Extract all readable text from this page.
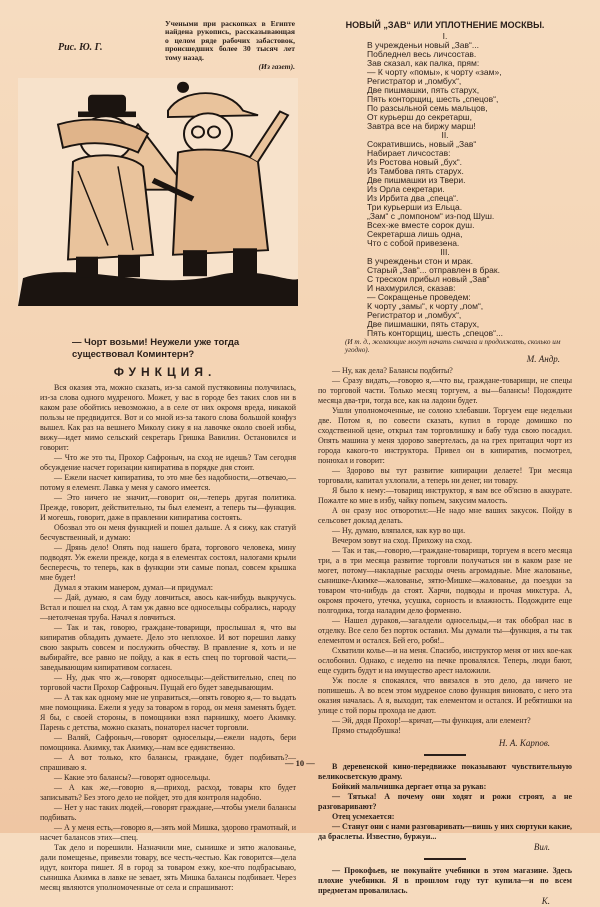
Рис. Ю. Г.
Учеными при раскопках в Египте найдена рукопись, рассказывающая о целом ряде рабочих забастовок, происшедших более 30 тысяч лет тому назад.
(Из газет).
— Чорт возьми! Неужели уже тогда существовал Коминтерн?
НОВЫЙ „ЗАВ“ ИЛИ УПЛОТНЕНИЕ МОСКВЫ.
I.
В учрежденьи новый „Зав“...
Побледнел весь личсостав.
Зав сказал, как палка, прям:
— К чорту «помы», к чорту «зам»,
Регистратор и „помбух“,
Две пишмашки, пять старух,
Пять конторщиц, шесть „спецов“,
По разсыльной семь мальцов,
От курьерш до секретарш,
Завтра все на биржу марш!
II.
Сократившись, новый „Зав“
Набирает личсостав:
Из Ростова новый „бух“.
Из Тамбова пять старух.
Две пишмашки из Твери.
Из Орла секретари.
Из Ирбита два „спеца“.
Три курьерши из Ельца.
„Зам“ с „помпоном“ из-под Шуш.
Всех-же вместе сорок душ.
Секретарша лишь одна,
Что с собой привезена.
III.
В учрежденьи стон и мрак.
Старый „Зав“... отправлен в брак.
С треском прибыл новый „Зав“
И нахмурился, сказав:
— Сокращенье проведем:
К чорту „замы“, к чорту „пом“,
Регистратор и „помбух“,
Две пишмашки, пять старух,
Пять конторщиц, шесть „спецов“...
(И т. д., желающие могут начать сначала и продолжать, сколько им угодно).
М. Андр.
ФУНКЦИЯ.

Вся оказия эта, можно сказать, из-за самой пустяковины получилась, из-за слова одного мудреного. Может, у вас в городе без таких слов ни в каком разе обойтись невозможно, а в селе от них окромя вреда, никакой пользы не предвидится. Вот и со мной из-за такого слова большой конфуз вышел. Как раз на вешнего Миколу сижу я на лавочке около своей избы, вижу—идет мимо сельский секретарь Гришка Вавилин. Остановился и говорит:

— Что же это ты, Прохор Сафроныч, на сход не идешь? Там сегодня обсуждение насчет горизации кипиратива в порядке дня стоит.

— Ежели насчет кипиратива, то это мне без надобности,—отвечаю,—потому я елемент. Лавка у меня у самого имеется.

— Это ничего не значит,—говорит он,—теперь другая политика. Прежде, говорит, действительно, ты был елемент, а теперь ты—функция. И могешь, говорит, даже в правлении кипиратива состоять.

Обозвал это он меня функцией и пошел дальше. А я сижу, как статуй бесчувственный, и думаю:

— Дрянь дело! Опять под нашего брата, торгового человека, мину подводят. Уж ежели прежде, когда я в елементах состоял, налогами крыли беспересчь, то теперь, как в функции эти самые попал, совсем крышка мне будет!

Думал я этаким манером, думал—и придумал:

— Дай, думаю, я сам буду ловчиться, авось как-нибудь выкручусь. Встал и пошел на сход. А там уж давно все односельцы собрались, народу—нетолченая труба. Начал я ловчиться.

— Так и так, говорю, граждане-товарищи, прослышал я, что вы кипиратив обладить думаете. Дело это неплохое. И вот порешил лавку свою закрыть совсем и послужить обчеству. В правление я, хоть и не выбирайте, все равно не пойду, а как я есть спец по торговой части,—заведывающим кипиративом согласен.

— Ну, дык что ж,—говорят односельцы:—действительно, спец по торговой части Прохор Сафроныч. Пущай его будет заведывающим.

— А так как одному мне не управиться,—опять говорю я,— то выдать мне помощника. Ежели я уеду за товаром в город, он меня заменять будет. Я бы, с своей стороны, в помощники взял парнишку, моего Акимку. Парень с детства, можно сказать, понаторел насчет торговли.

— Валяй, Сафроныч,—говорят односельцы,—ежели надоть, бери помощника. Акимку, так Акимку,—нам все единственно.

— А вот только, кто балансы, граждане, будет подбивать?—спрашиваю я.

— Какие это балансы?—говорят односельцы.

— А как же,—говорю я,—приход, расход, товары кто будет записывать? Без этого дело не пойдет, это для контроля надобно.

— Нет у нас таких людей,—говорят граждане,—чтобы умели балансы подбивать.

— А у меня есть,—говорю я,—зять мой Мишка, здорово грамотный, и насчет балансов этих—спец.

Так дело и порешили. Назначили мне, сынишке и зятю жалованье, дали помещенье, привезли товару, все честь-честью. Как говорится—дела идут, контора пишет. Я в город за товаром езжу, кое-что подбрасываю, сынишка Акимка в лавке не зевает, зять Мишка балансы подбивает. Через месяц являются уполномоченные от села и спрашивают:

— Ну, как дела? Балансы подбиты?

— Сразу видать,—говорю я,—что вы, граждане-товарищи, не спецы по торговой части. Только месяц торгуем, а вы—балансы! Подождите месяца два-три, тогда все, как на ладони будет.

Ушли уполномоченные, не солоно хлебавши. Торгуем еще недельки две. Потом я, по совести сказать, купил в городе домишко по сходственной цене, открыл там торговлишку и бабу туда свою посадил. Опять машина у меня здорово завертелась, да на грех притащил чорт из города какого-то инструктора. Привел он в кипиратив, посмотрел, понюхал и говорит:

— Здорово вы тут развитие кипирации делаете! Три месяца торговали, капитал ухлопали, а теперь ни денег, ни товару.

Я было к нему:—товарищ инструктор, я вам все об'ясню в аккурате. Пожалте ко мне в избу, чайку попьем, закусим малость.

А он сразу нос отворотил:—Не надо мне ваших закусок. Пойду в сельсовет доклад делать.

— Ну, думаю, вляпался, как кур во щи.

Вечером зовут на сход. Прихожу на сход.

— Так и так,—говорю,—граждане-товарищи, торгуем я всего месяца три, а в три месяца развитие торговли получаться ни в каком разе не могет, потому—накладные расходы очень агромадные. Мне жалованье, сынишке-Акимке—жалованье, зятю-Мишке—жалованье, да поездки за товаром что-нибудь да стоят. Харчи, подводы и прочая микстура. А, окромя прочего, утечка, усушка, сорность и влажность. Подождите еще полгодика, тогда наладим дело форменно.

— Нашел дураков,—загалдели односельцы,—и так обобрал нас в отделку. Все село без порток оставил. Мы думали ты—функция, а ты так елементом и остался. Бей его, робя!..

Схватили колье—и на меня. Спасибо, инструктор меня от них кое-как ослобонил. Однако, с неделю на печке провалялся. Теперь, люди бают, еще судить будут и на имущество арест наложили.

Уж после я спокаялся, что ввязался в это дело, да ничего не попишешь. А во всем этом мудреное слово функция виновато, с него эта оказия началась. А я, выходит, так елементом и остался. И ребятишки на улице с той поры прохода не дают.

— Эй, дядя Прохор!—кричат,—ты функция, али елемент?

Прямо стыдобушка!

Н. А. Карпов.

В деревенской кино-передвижке показывают чувствительную великосветскую драму.

Бойкий мальчишка дергает отца за рукав:

— Тятька! А почему они ходят и рожи строят, а не разговаривают?

Отец усмехается:

— Станут они с нами разговаривать—вишь у них сюртуки какие, да браслеты. Известно, буржуи...

Вил.

— Прокофьев, не покупайте учебники в этом магазине. Здесь плохие учебники. Я в прошлом году тут купила—и по всем предметам провалилась.

К.
— 10 —
